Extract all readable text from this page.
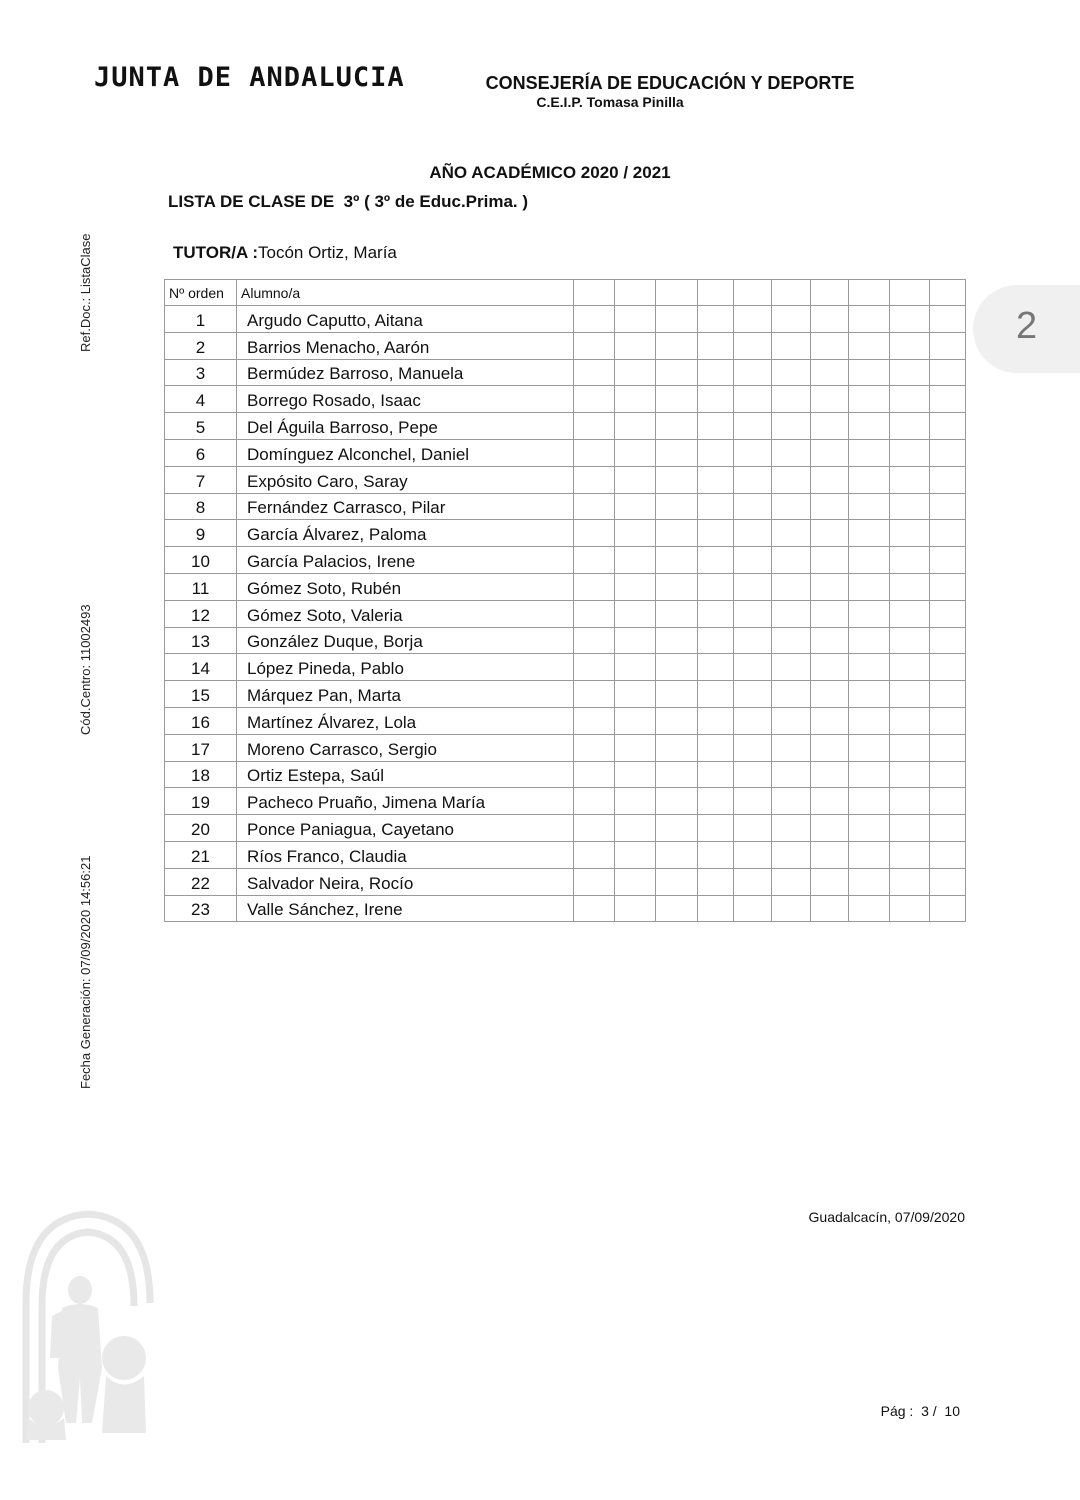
JUNTA DE ANDALUCIA	CONSEJERÍA DE EDUCACIÓN Y DEPORTE
C.E.I.P. Tomasa Pinilla
Ref.Doc.: ListaClase
Cód.Centro: 11002493
Fecha Generación: 07/09/2020 14:56:21
AÑO ACADÉMICO 2020 / 2021
LISTA DE CLASE DE  3º ( 3º de Educ.Prima. )
TUTOR/A :Tocón Ortiz, María
2
Nº orden	Alumno/a										
1	Argudo Caputto, Aitana										
2	Barrios Menacho, Aarón										
3	Bermúdez Barroso, Manuela										
4	Borrego Rosado, Isaac										
5	Del Águila Barroso, Pepe										
6	Domínguez Alconchel, Daniel										
7	Expósito Caro, Saray										
8	Fernández Carrasco, Pilar										
9	García Álvarez, Paloma										
10	García Palacios, Irene										
11	Gómez Soto, Rubén										
12	Gómez Soto, Valeria										
13	González Duque, Borja										
14	López Pineda, Pablo										
15	Márquez Pan, Marta										
16	Martínez Álvarez, Lola										
17	Moreno Carrasco, Sergio										
18	Ortiz Estepa, Saúl										
19	Pacheco Pruaño, Jimena María										
20	Ponce Paniagua, Cayetano										
21	Ríos Franco, Claudia										
22	Salvador Neira, Rocío										
23	Valle Sánchez, Irene										
Guadalcacín, 07/09/2020
Pág :  3 /  10
